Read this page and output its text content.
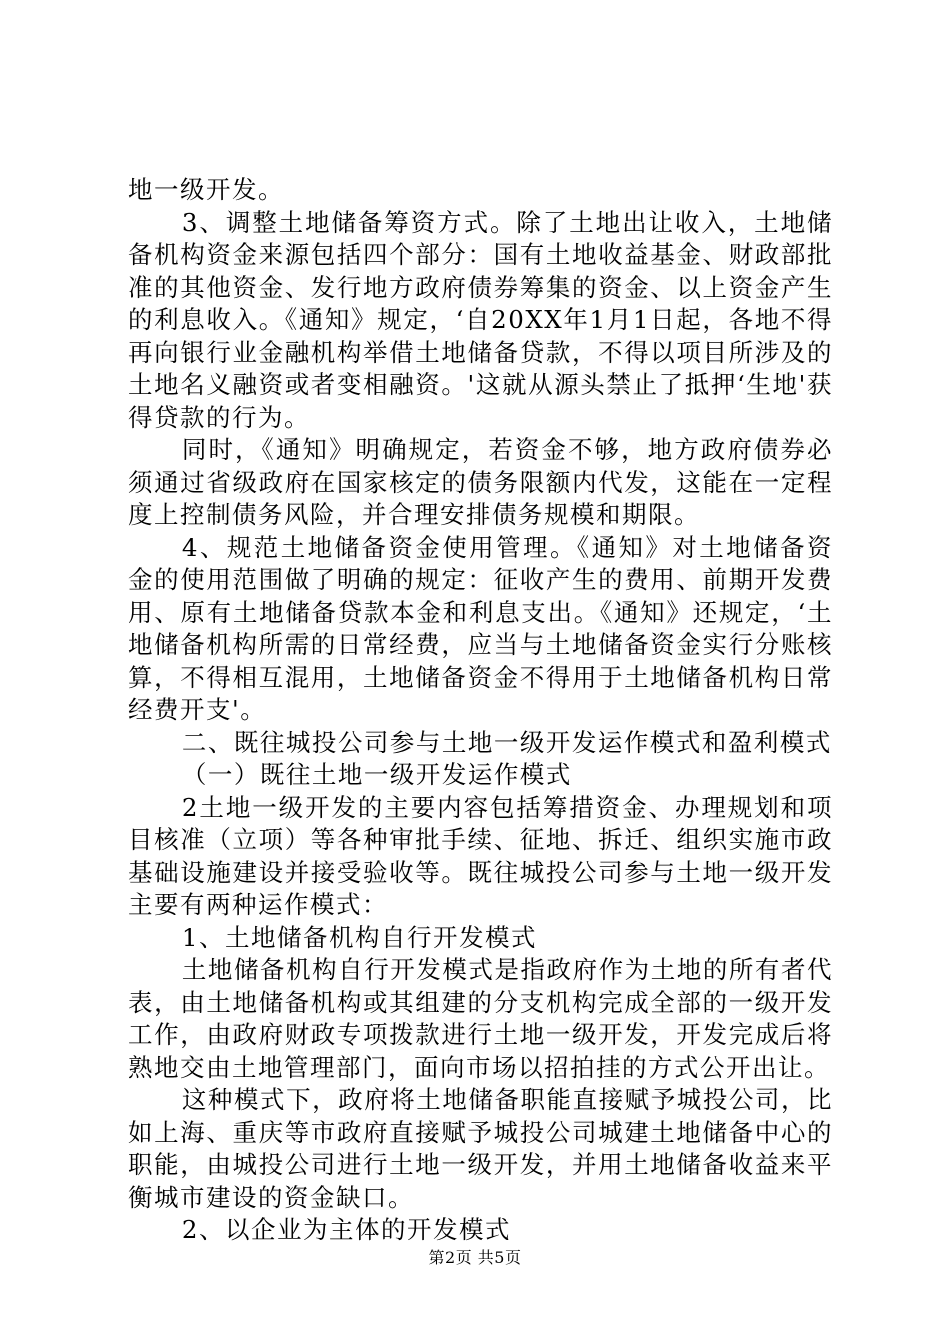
地一级开发。

3、调整土地储备筹资方式。除了土地出让收入，土地储备机构资金来源包括四个部分：国有土地收益基金、财政部批准的其他资金、发行地方政府债券筹集的资金、以上资金产生的利息收入。《通知》规定，‘自20XX年1月1日起，各地不得再向银行业金融机构举借土地储备贷款，不得以项目所涉及的土地名义融资或者变相融资。'这就从源头禁止了抵押‘生地'获得贷款的行为。

同时，《通知》明确规定，若资金不够，地方政府债券必须通过省级政府在国家核定的债务限额内代发，这能在一定程度上控制债务风险，并合理安排债务规模和期限。

4、规范土地储备资金使用管理。《通知》对土地储备资金的使用范围做了明确的规定：征收产生的费用、前期开发费用、原有土地储备贷款本金和利息支出。《通知》还规定，‘土地储备机构所需的日常经费，应当与土地储备资金实行分账核算，不得相互混用，土地储备资金不得用于土地储备机构日常经费开支'。

二、既往城投公司参与土地一级开发运作模式和盈利模式

（一）既往土地一级开发运作模式

2土地一级开发的主要内容包括筹措资金、办理规划和项目核准（立项）等各种审批手续、征地、拆迁、组织实施市政基础设施建设并接受验收等。既往城投公司参与土地一级开发主要有两种运作模式：

1、土地储备机构自行开发模式

土地储备机构自行开发模式是指政府作为土地的所有者代表，由土地储备机构或其组建的分支机构完成全部的一级开发工作，由政府财政专项拨款进行土地一级开发，开发完成后将熟地交由土地管理部门，面向市场以招拍挂的方式公开出让。

这种模式下，政府将土地储备职能直接赋予城投公司，比如上海、重庆等市政府直接赋予城投公司城建土地储备中心的职能，由城投公司进行土地一级开发，并用土地储备收益来平衡城市建设的资金缺口。

2、以企业为主体的开发模式

第2页 共5页
